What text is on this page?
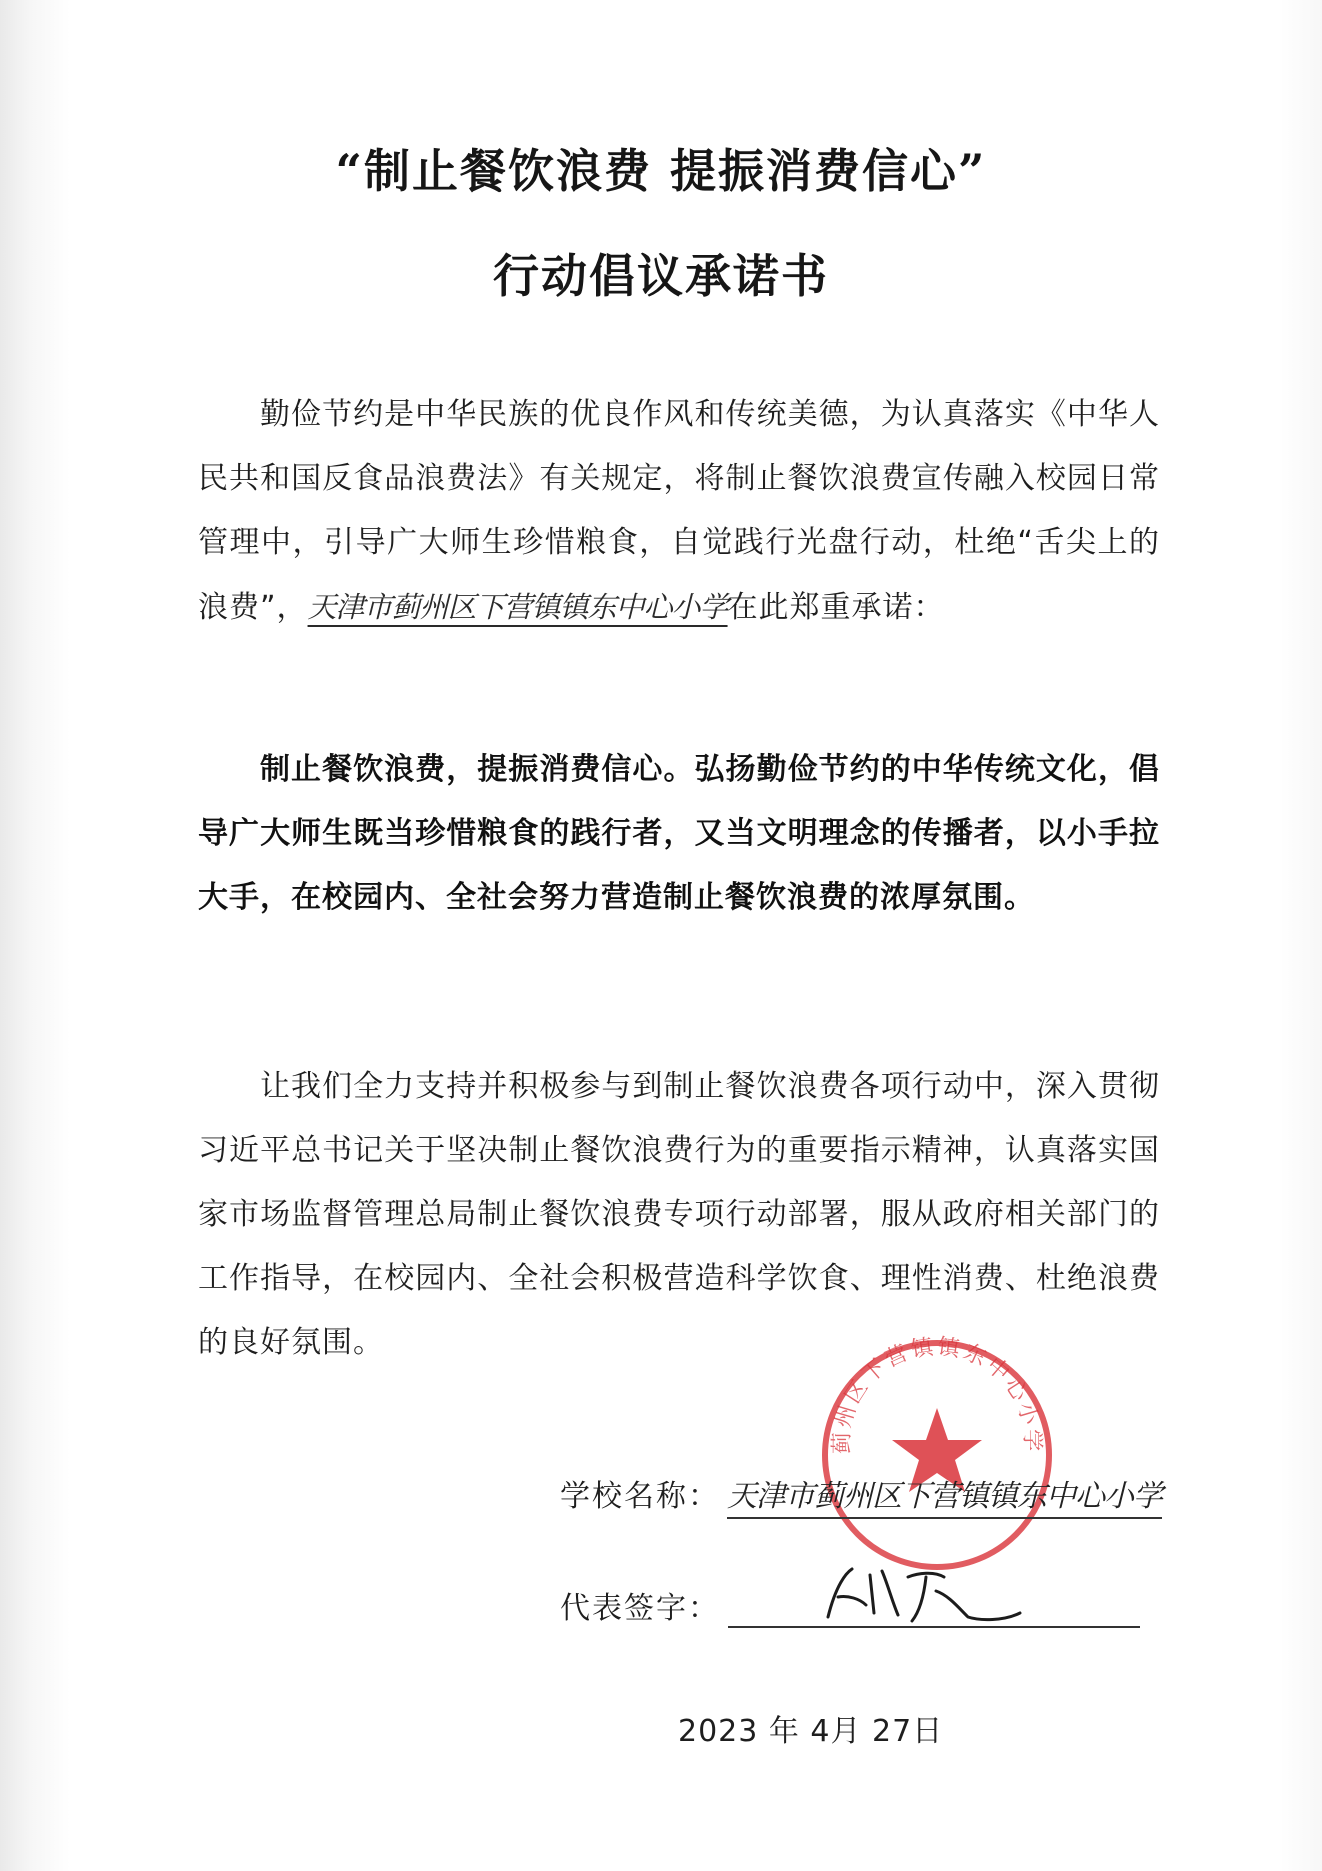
“制止餐饮浪费 提振消费信心”
行动倡议承诺书
勤俭节约是中华民族的优良作风和传统美德，为认真落实《中华人民共和国反食品浪费法》有关规定，将制止餐饮浪费宣传融入校园日常管理中，引导广大师生珍惜粮食，自觉践行光盘行动，杜绝“舌尖上的浪费”，天津市蓟州区下营镇镇东中心小学在此郑重承诺：
制止餐饮浪费，提振消费信心。弘扬勤俭节约的中华传统文化，倡导广大师生既当珍惜粮食的践行者，又当文明理念的传播者，以小手拉大手，在校园内、全社会努力营造制止餐饮浪费的浓厚氛围。
让我们全力支持并积极参与到制止餐饮浪费各项行动中，深入贯彻习近平总书记关于坚决制止餐饮浪费行为的重要指示精神，认真落实国家市场监督管理总局制止餐饮浪费专项行动部署，服从政府相关部门的工作指导，在校园内、全社会积极营造科学饮食、理性消费、杜绝浪费的良好氛围。
蓟州区下营镇镇东中心小学
学校名称： 天津市蓟州区下营镇镇东中心小学
代表签字：
2023 年 4月 27日
